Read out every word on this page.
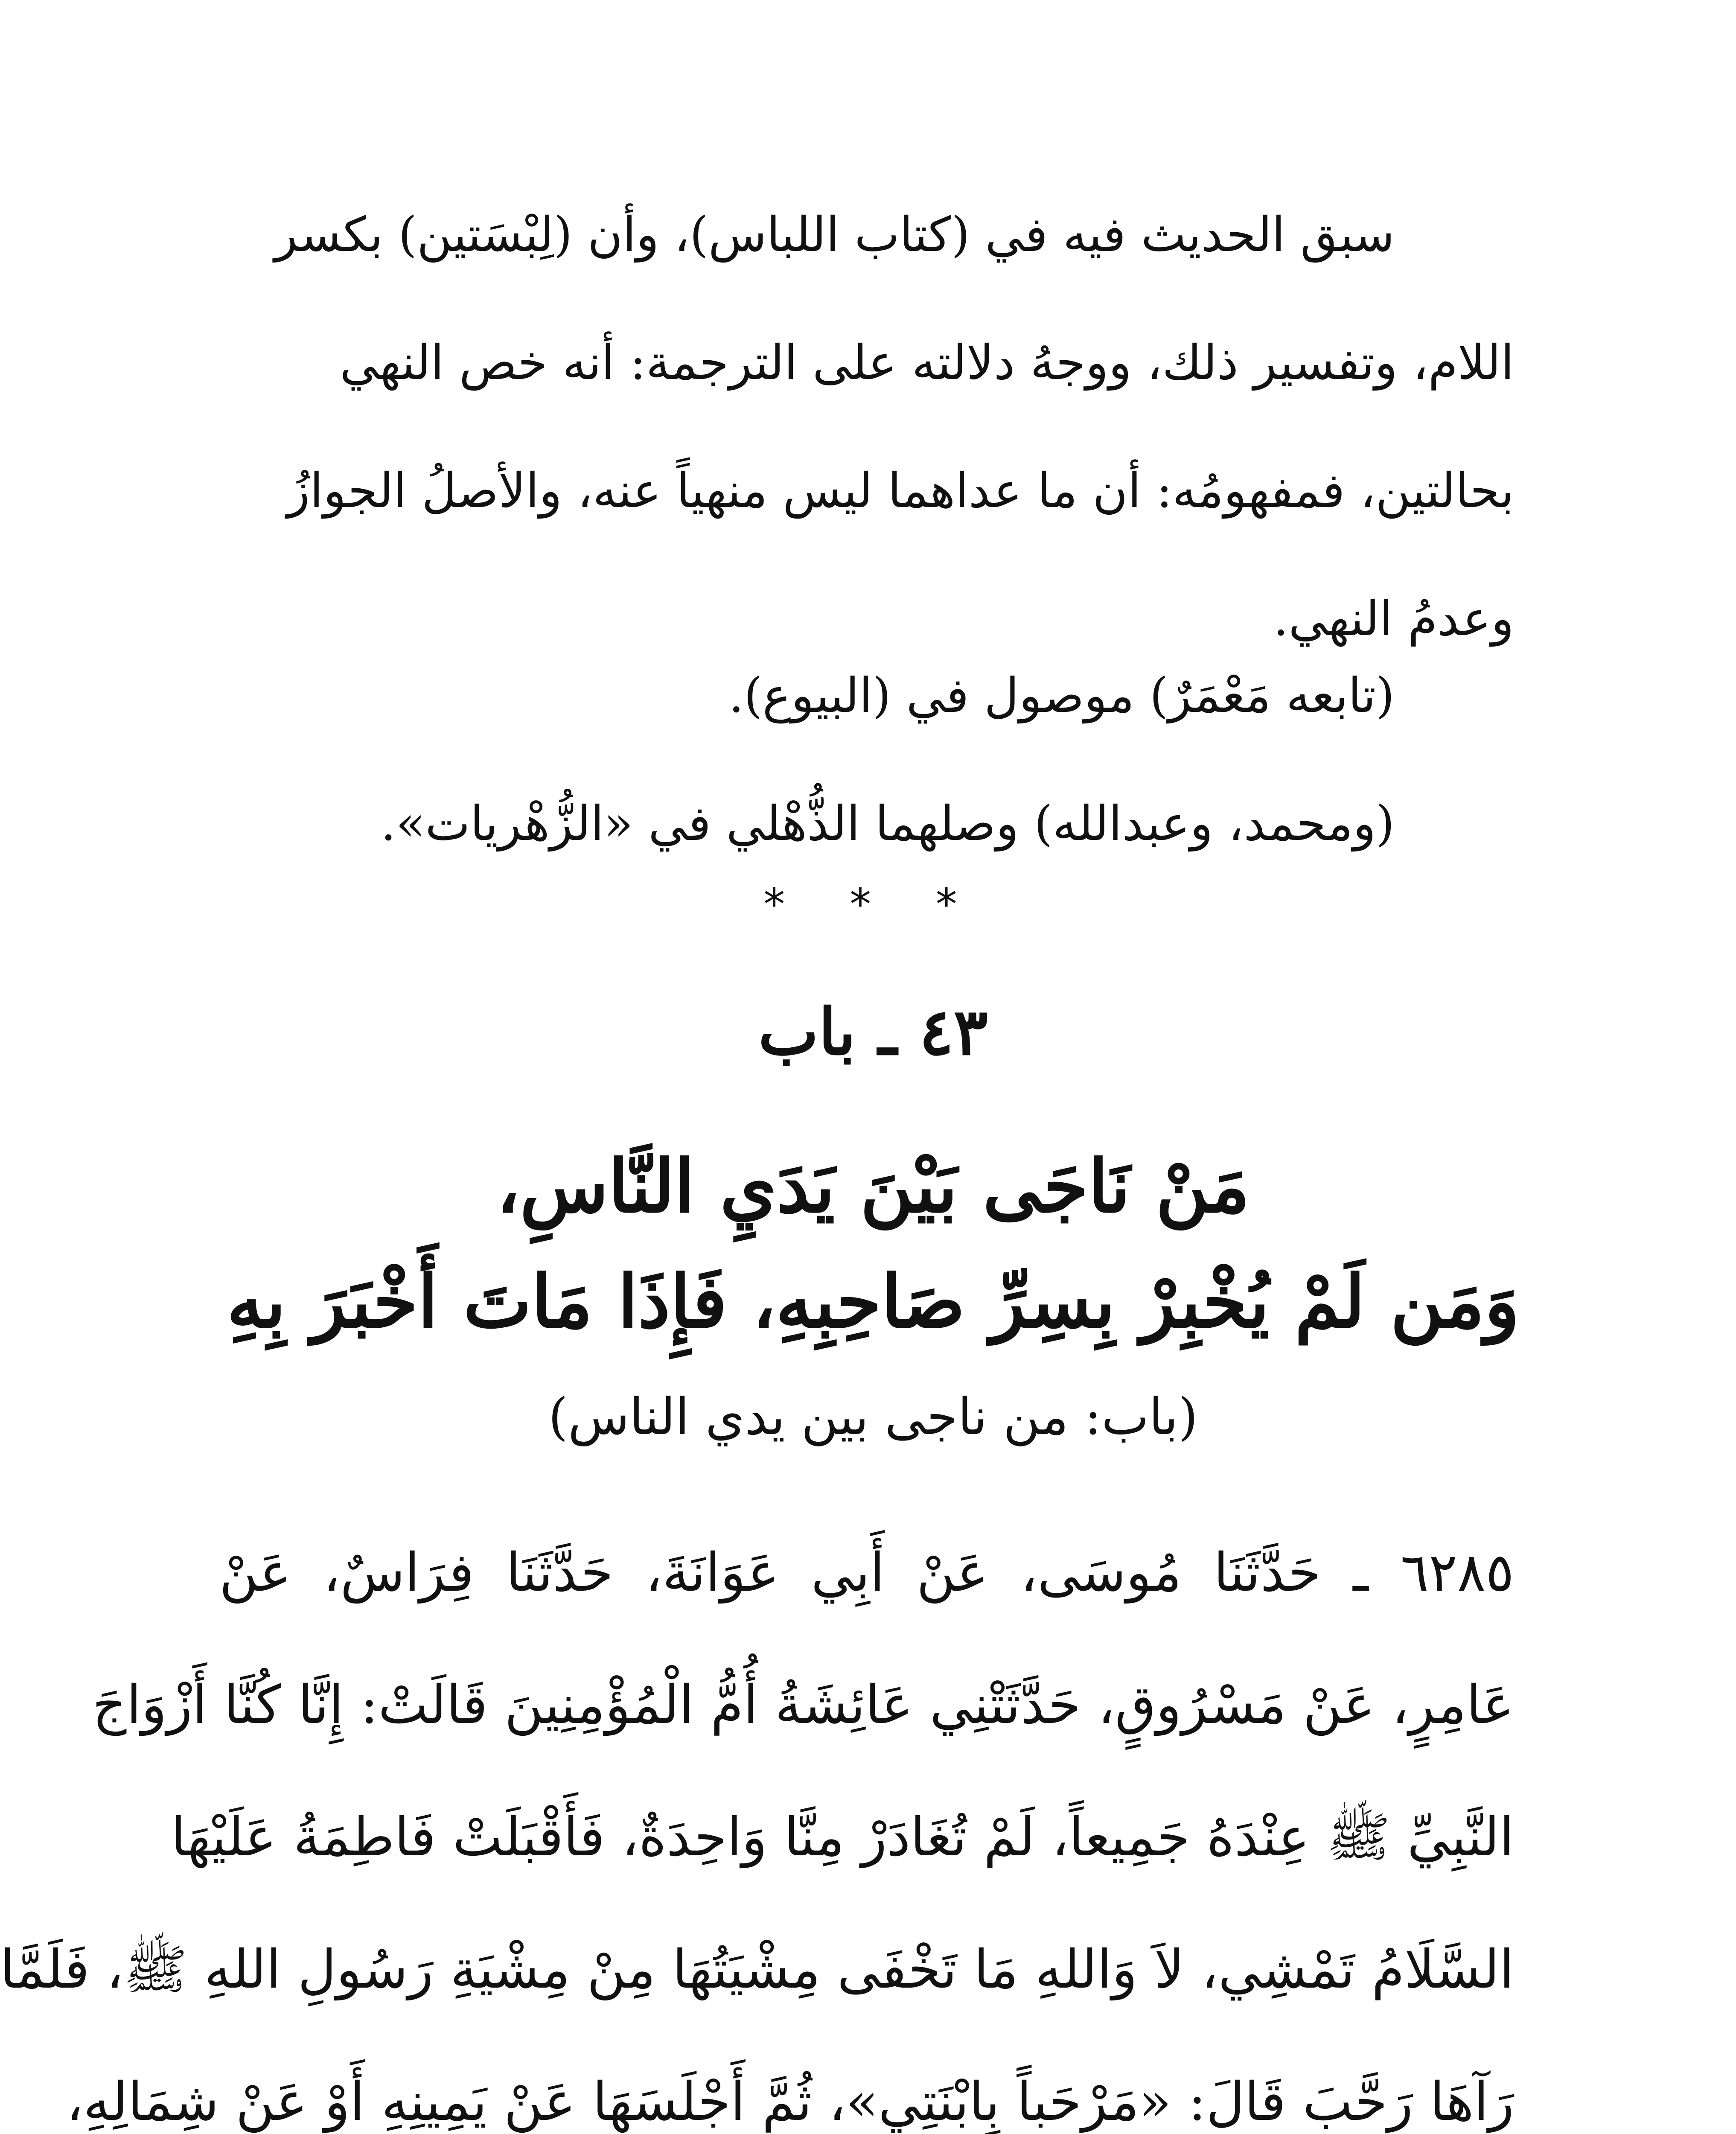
سبق الحديث فيه في (كتاب اللباس)، وأن (لِبْسَتين) بكسر
اللام، وتفسير ذلك، ووجهُ دلالته على الترجمة: أنه خص النهي
بحالتين، فمفهومُه: أن ما عداهما ليس منهياً عنه، والأصلُ الجوازُ
وعدمُ النهي.

(تابعه مَعْمَرٌ) موصول في (البيوع).
(ومحمد، وعبدالله) وصلهما الذُّهْلي في «الزُّهْريات».
* * *
٤٣ ـ باب
مَنْ نَاجَى بَيْنَ يَدَيِ النَّاسِ،
وَمَن لَمْ يُخْبِرْ بِسِرِّ صَاحِبِهِ، فَإِذَا مَاتَ أَخْبَرَ بِهِ
(باب: من ناجى بين يدي الناس)
٦٢٨٥ ـ حَدَّثَنَا مُوسَى، عَنْ أَبِي عَوَانَةَ، حَدَّثَنَا فِرَاسٌ، عَنْ
عَامِرٍ، عَنْ مَسْرُوقٍ، حَدَّثَتْنِي عَائِشَةُ أُمُّ الْمُؤْمِنِينَ قَالَتْ: إِنَّا كُنَّا أَزْوَاجَ
النَّبِيِّ ﷺ عِنْدَهُ جَمِيعاً، لَمْ تُغَادَرْ مِنَّا وَاحِدَةٌ، فَأَقْبَلَتْ فَاطِمَةُ عَلَيْهَا
السَّلَامُ تَمْشِي، لاَ وَاللهِ مَا تَخْفَى مِشْيَتُهَا مِنْ مِشْيَةِ رَسُولِ اللهِ ﷺ، فَلَمَّا
رَآهَا رَحَّبَ قَالَ: «مَرْحَباً بِابْنَتِي»، ثُمَّ أَجْلَسَهَا عَنْ يَمِينِهِ أَوْ عَنْ شِمَالِهِ،
